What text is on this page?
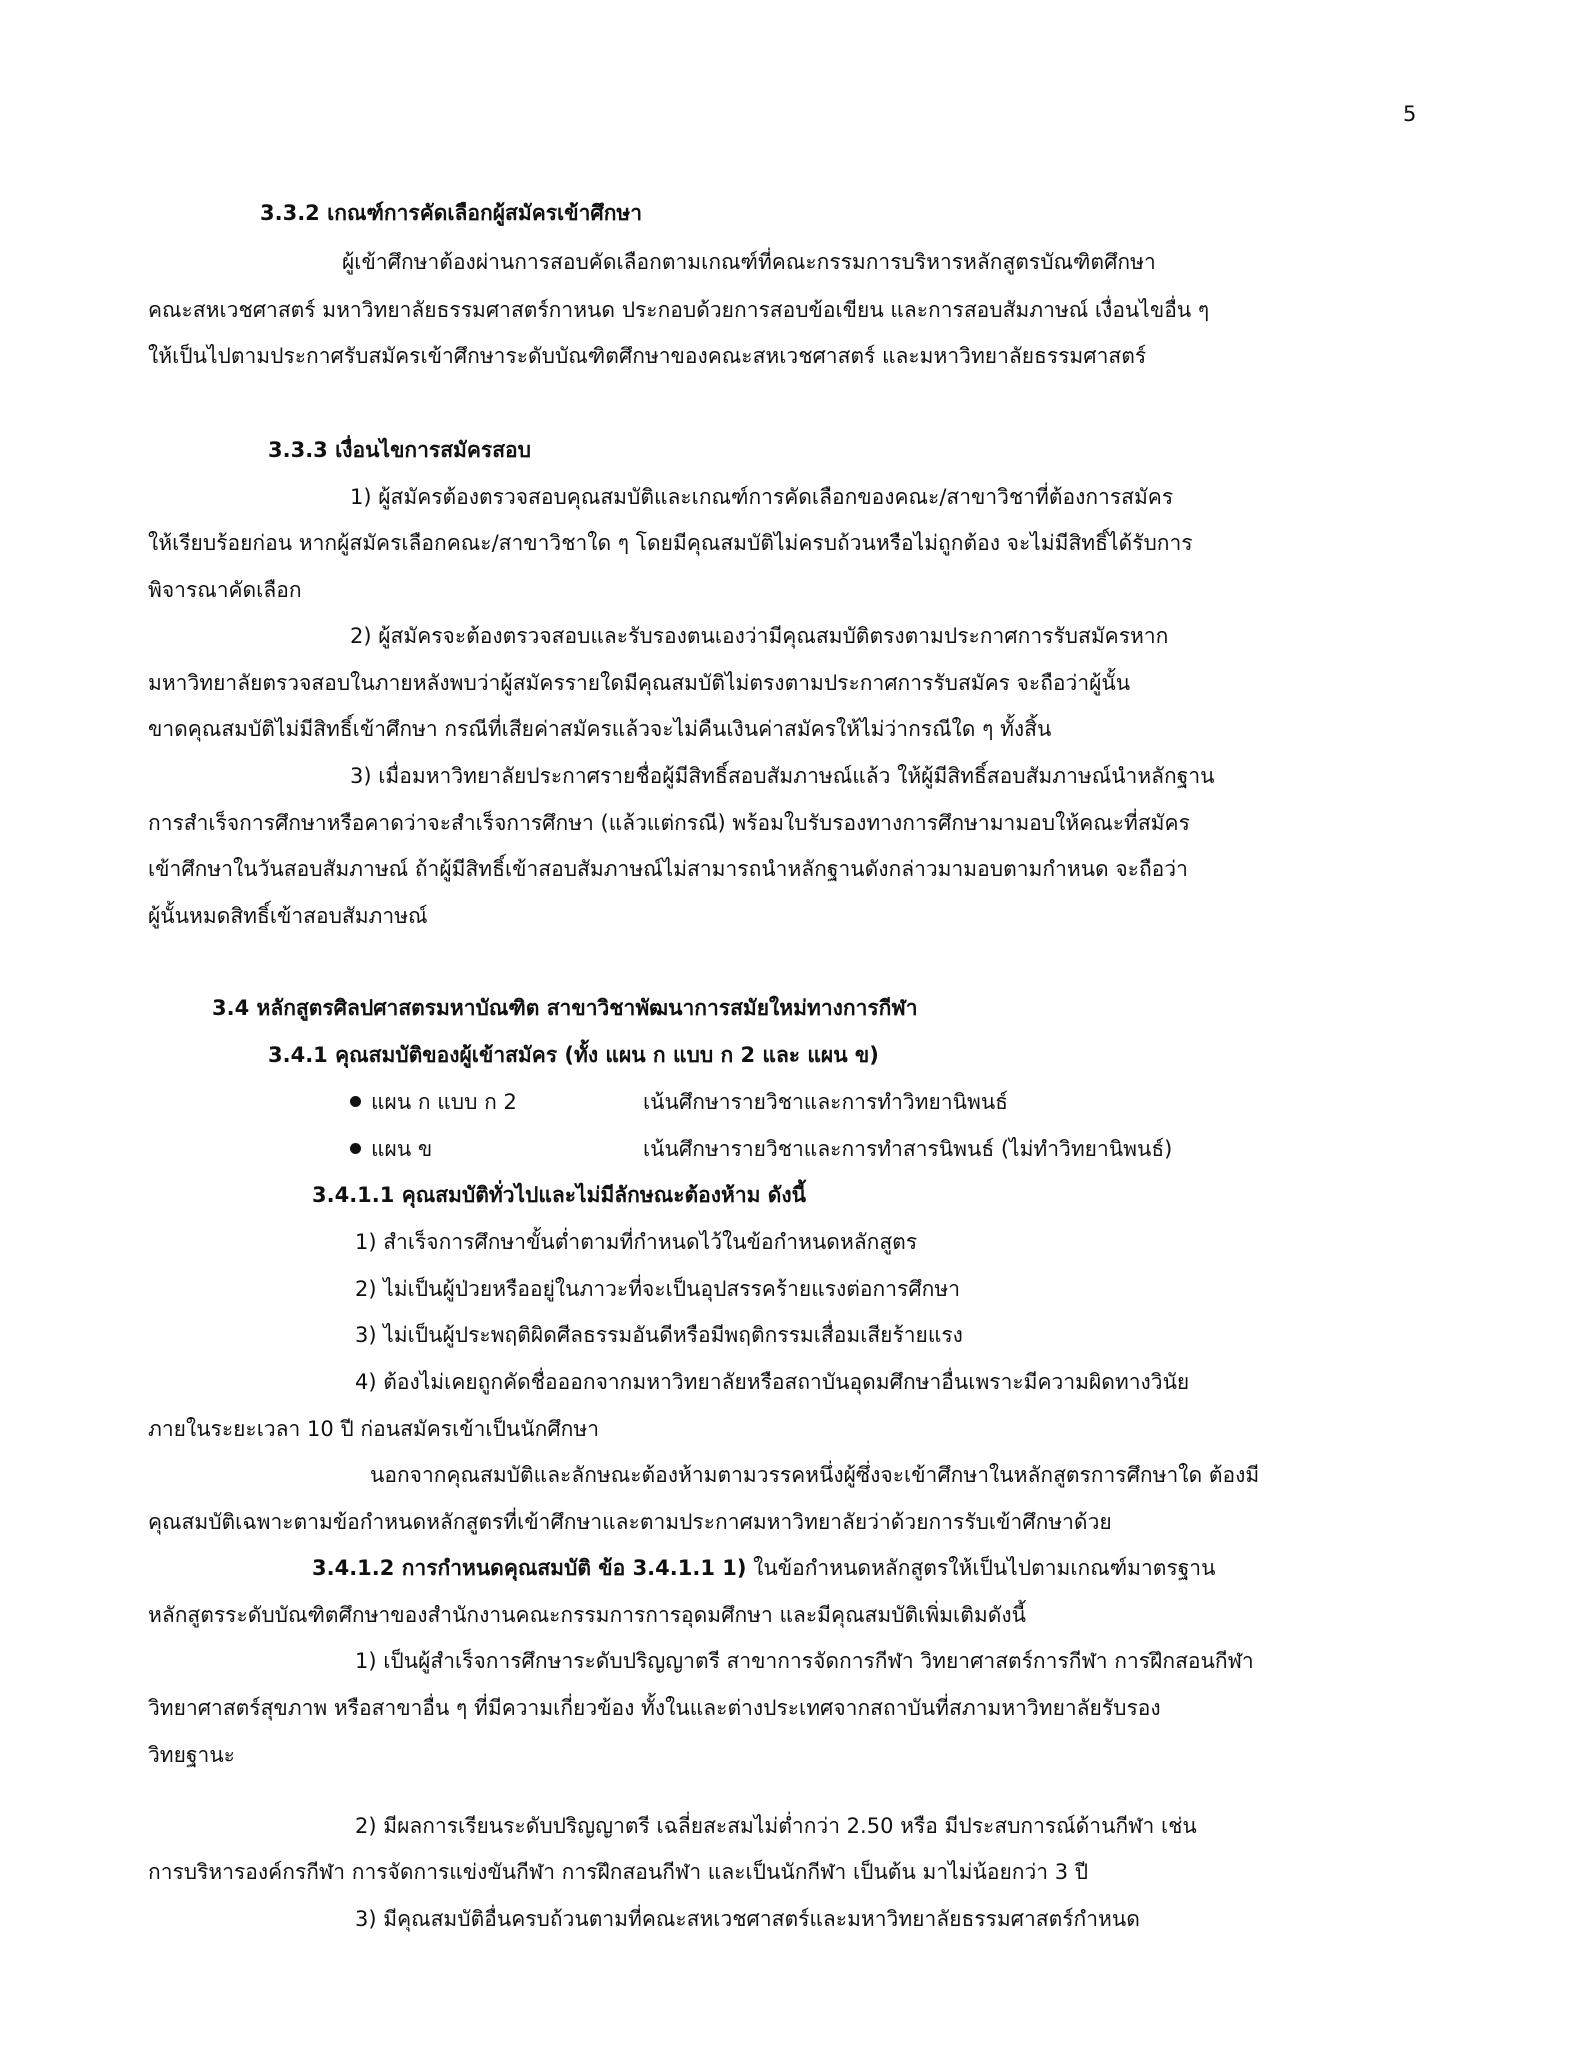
5
3.3.2 เกณฑ์การคัดเลือกผู้สมัครเข้าศึกษา
ผู้เข้าศึกษาต้องผ่านการสอบคัดเลือกตามเกณฑ์ที่คณะกรรมการบริหารหลักสูตรบัณฑิตศึกษา
คณะสหเวชศาสตร์ มหาวิทยาลัยธรรมศาสตร์กาหนด ประกอบด้วยการสอบข้อเขียน และการสอบสัมภาษณ์ เงื่อนไขอื่น ๆ
ให้เป็นไปตามประกาศรับสมัครเข้าศึกษาระดับบัณฑิตศึกษาของคณะสหเวชศาสตร์ และมหาวิทยาลัยธรรมศาสตร์
3.3.3 เงื่อนไขการสมัครสอบ
1) ผู้สมัครต้องตรวจสอบคุณสมบัติและเกณฑ์การคัดเลือกของคณะ/สาขาวิชาที่ต้องการสมัคร
ให้เรียบร้อยก่อน หากผู้สมัครเลือกคณะ/สาขาวิชาใด ๆ โดยมีคุณสมบัติไม่ครบถ้วนหรือไม่ถูกต้อง จะไม่มีสิทธิ์ได้รับการ
พิจารณาคัดเลือก
2) ผู้สมัครจะต้องตรวจสอบและรับรองตนเองว่ามีคุณสมบัติตรงตามประกาศการรับสมัครหาก
มหาวิทยาลัยตรวจสอบในภายหลังพบว่าผู้สมัครรายใดมีคุณสมบัติไม่ตรงตามประกาศการรับสมัคร จะถือว่าผู้นั้น
ขาดคุณสมบัติไม่มีสิทธิ์เข้าศึกษา กรณีที่เสียค่าสมัครแล้วจะไม่คืนเงินค่าสมัครให้ไม่ว่ากรณีใด ๆ ทั้งสิ้น
3) เมื่อมหาวิทยาลัยประกาศรายชื่อผู้มีสิทธิ์สอบสัมภาษณ์แล้ว ให้ผู้มีสิทธิ์สอบสัมภาษณ์นำหลักฐาน
การสำเร็จการศึกษาหรือคาดว่าจะสำเร็จการศึกษา (แล้วแต่กรณี) พร้อมใบรับรองทางการศึกษามามอบให้คณะที่สมัคร
เข้าศึกษาในวันสอบสัมภาษณ์ ถ้าผู้มีสิทธิ์เข้าสอบสัมภาษณ์ไม่สามารถนำหลักฐานดังกล่าวมามอบตามกำหนด จะถือว่า
ผู้นั้นหมดสิทธิ์เข้าสอบสัมภาษณ์
3.4 หลักสูตรศิลปศาสตรมหาบัณฑิต สาขาวิชาพัฒนาการสมัยใหม่ทางการกีฬา
3.4.1 คุณสมบัติของผู้เข้าสมัคร (ทั้ง แผน ก แบบ ก 2 และ แผน ข)
แผน ก แบบ ก 2	เน้นศึกษารายวิชาและการทำวิทยานิพนธ์
แผน ข	เน้นศึกษารายวิชาและการทำสารนิพนธ์ (ไม่ทำวิทยานิพนธ์)
3.4.1.1 คุณสมบัติทั่วไปและไม่มีลักษณะต้องห้าม ดังนี้
1) สำเร็จการศึกษาขั้นต่ำตามที่กำหนดไว้ในข้อกำหนดหลักสูตร
2) ไม่เป็นผู้ป่วยหรืออยู่ในภาวะที่จะเป็นอุปสรรคร้ายแรงต่อการศึกษา
3) ไม่เป็นผู้ประพฤติผิดศีลธรรมอันดีหรือมีพฤติกรรมเสื่อมเสียร้ายแรง
4) ต้องไม่เคยถูกคัดชื่อออกจากมหาวิทยาลัยหรือสถาบันอุดมศึกษาอื่นเพราะมีความผิดทางวินัย
ภายในระยะเวลา 10 ปี ก่อนสมัครเข้าเป็นนักศึกษา
นอกจากคุณสมบัติและลักษณะต้องห้ามตามวรรคหนึ่งผู้ซึ่งจะเข้าศึกษาในหลักสูตรการศึกษาใด ต้องมี
คุณสมบัติเฉพาะตามข้อกำหนดหลักสูตรที่เข้าศึกษาและตามประกาศมหาวิทยาลัยว่าด้วยการรับเข้าศึกษาด้วย
3.4.1.2 การกำหนดคุณสมบัติ ข้อ 3.4.1.1 1) ในข้อกำหนดหลักสูตรให้เป็นไปตามเกณฑ์มาตรฐาน
หลักสูตรระดับบัณฑิตศึกษาของสำนักงานคณะกรรมการการอุดมศึกษา และมีคุณสมบัติเพิ่มเติมดังนี้
1) เป็นผู้สำเร็จการศึกษาระดับปริญญาตรี สาขาการจัดการกีฬา วิทยาศาสตร์การกีฬา การฝึกสอนกีฬา
วิทยาศาสตร์สุขภาพ หรือสาขาอื่น ๆ ที่มีความเกี่ยวข้อง ทั้งในและต่างประเทศจากสถาบันที่สภามหาวิทยาลัยรับรอง
วิทยฐานะ
2) มีผลการเรียนระดับปริญญาตรี เฉลี่ยสะสมไม่ต่ำกว่า 2.50 หรือ มีประสบการณ์ด้านกีฬา เช่น
การบริหารองค์กรกีฬา การจัดการแข่งขันกีฬา การฝึกสอนกีฬา และเป็นนักกีฬา เป็นต้น มาไม่น้อยกว่า 3 ปี
3) มีคุณสมบัติอื่นครบถ้วนตามที่คณะสหเวชศาสตร์และมหาวิทยาลัยธรรมศาสตร์กำหนด
